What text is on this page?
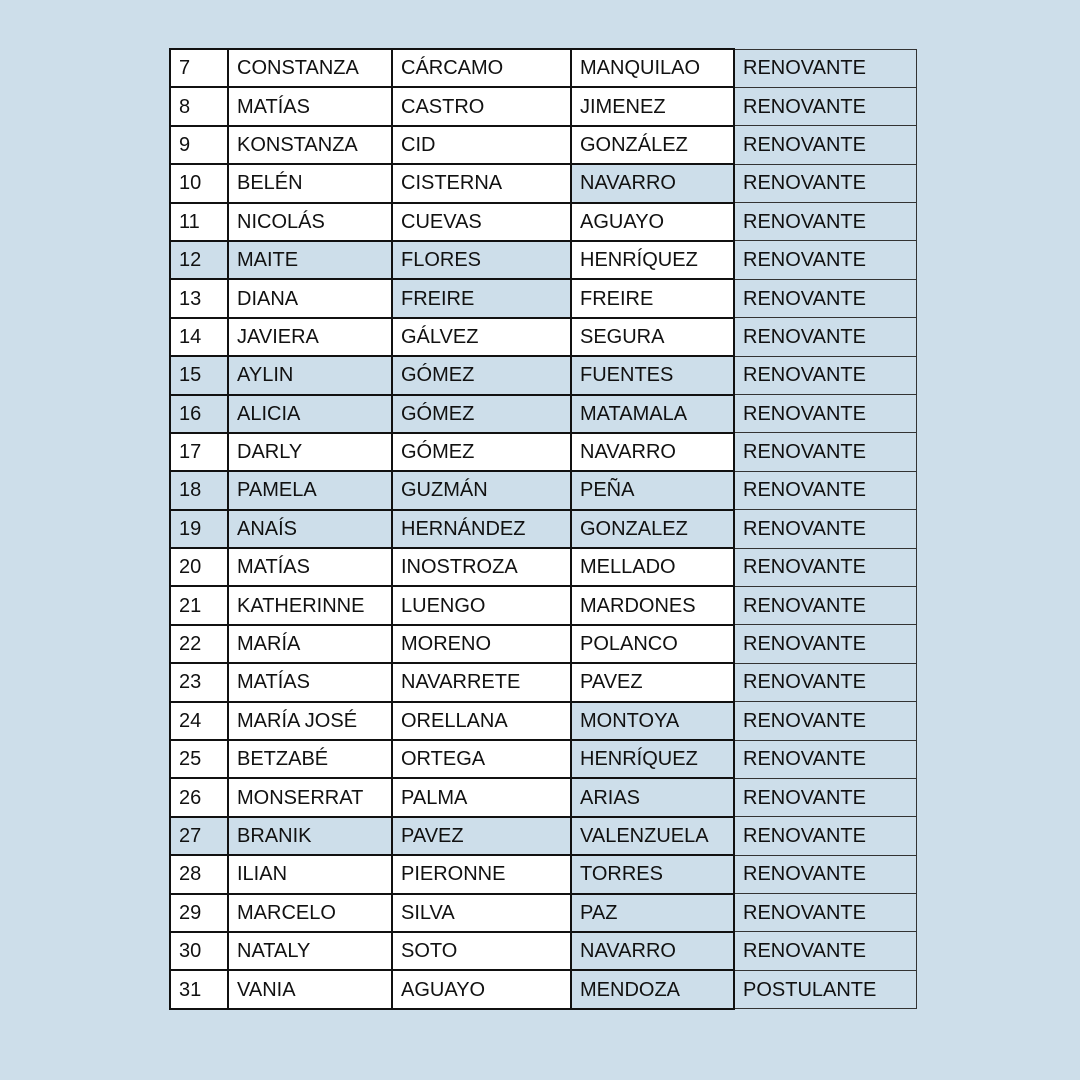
7	CONSTANZA	CÁRCAMO	MANQUILAO	RENOVANTE
8	MATÍAS	CASTRO	JIMENEZ	RENOVANTE
9	KONSTANZA	CID	GONZÁLEZ	RENOVANTE
10	BELÉN	CISTERNA	NAVARRO	RENOVANTE
11	NICOLÁS	CUEVAS	AGUAYO	RENOVANTE
12	MAITE	FLORES	HENRÍQUEZ	RENOVANTE
13	DIANA	FREIRE	FREIRE	RENOVANTE
14	JAVIERA	GÁLVEZ	SEGURA	RENOVANTE
15	AYLIN	GÓMEZ	FUENTES	RENOVANTE
16	ALICIA	GÓMEZ	MATAMALA	RENOVANTE
17	DARLY	GÓMEZ	NAVARRO	RENOVANTE
18	PAMELA	GUZMÁN	PEÑA	RENOVANTE
19	ANAÍS	HERNÁNDEZ	GONZALEZ	RENOVANTE
20	MATÍAS	INOSTROZA	MELLADO	RENOVANTE
21	KATHERINNE	LUENGO	MARDONES	RENOVANTE
22	MARÍA	MORENO	POLANCO	RENOVANTE
23	MATÍAS	NAVARRETE	PAVEZ	RENOVANTE
24	MARÍA JOSÉ	ORELLANA	MONTOYA	RENOVANTE
25	BETZABÉ	ORTEGA	HENRÍQUEZ	RENOVANTE
26	MONSERRAT	PALMA	ARIAS	RENOVANTE
27	BRANIK	PAVEZ	VALENZUELA	RENOVANTE
28	ILIAN	PIERONNE	TORRES	RENOVANTE
29	MARCELO	SILVA	PAZ	RENOVANTE
30	NATALY	SOTO	NAVARRO	RENOVANTE
31	VANIA	AGUAYO	MENDOZA	POSTULANTE
